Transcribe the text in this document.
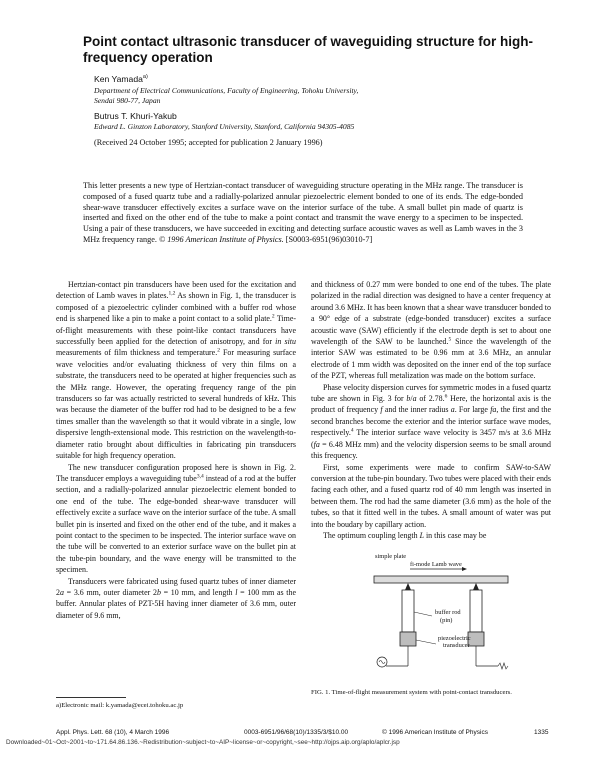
Point contact ultrasonic transducer of waveguiding structure for high-frequency operation
Ken Yamada$^{a)}$
Department of Electrical Communications, Faculty of Engineering, Tohoku University,
Sendai 980-77, Japan
Butrus T. Khuri-Yakub
Edward L. Ginzton Laboratory, Stanford University, Stanford, California 94305-4085
(Received 24 October 1995; accepted for publication 2 January 1996)
This letter presents a new type of Hertzian-contact transducer of waveguiding structure operating in the MHz range. The transducer is composed of a fused quartz tube and a radially-polarized annular piezoelectric element bonded to one of its ends. The edge-bonded shear-wave transducer effectively excites a surface wave on the interior surface of the tube. A small bullet pin made of quartz is inserted and fixed on the other end of the tube to make a point contact and transmit the wave energy to a specimen to be inspected. Using a pair of these transducers, we have succeeded in exciting and detecting surface acoustic waves as well as Lamb waves in the 3 MHz frequency range. © 1996 American Institute of Physics. [S0003-6951(96)03010-7]

Hertzian-contact pin transducers have been used for the excitation and detection of Lamb waves in plates.$^{1,2}$ As shown in Fig. 1, the transducer is composed of a piezoelectric cylinder combined with a buffer rod whose end is sharpened like a pin to make a point contact to a solid plate.$^2$ Time-of-flight measurements with these point-like contact transducers have successfully been applied for the detection of anisotropy, and for in situ measurements of film thickness and temperature.$^2$ For measuring surface wave velocities and/or evaluating thickness of very thin films on a substrate, the transducers need to be operated at higher frequencies such as the MHz range. However, the operating frequency range of the pin transducers so far was actually restricted to several hundreds of kHz. This was because the diameter of the buffer rod had to be designed to be a few times smaller than the wavelength so that it would vibrate in a single, low dispersive length-extensional mode. This restriction on the wavelength-to-diameter ratio brought about difficulties in fabricating pin transducers suitable for high frequency operation.

The new transducer configuration proposed here is shown in Fig. 2. The transducer employs a waveguiding tube$^{3,4}$ instead of a rod at the buffer section, and a radially-polarized annular piezoelectric element bonded to one end of the tube. The edge-bonded shear-wave transducer will effectively excite a surface wave on the interior surface of the tube. A small bullet pin is inserted and fixed on the other end of the tube, and it makes a point contact to the specimen to be inspected. The interior surface wave on the tube will be converted to an exterior surface wave on the bullet pin at the tube-pin boundary, and the wave energy will be transmitted to the specimen.

Transducers were fabricated using fused quartz tubes of inner diameter 2a = 3.6 mm, outer diameter 2b = 10 mm, and length l = 100 mm as the buffer. Annular plates of PZT-5H having inner diameter of 3.6 mm, outer diameter of 9.6 mm,

and thickness of 0.27 mm were bonded to one end of the tubes. The plate polarized in the radial direction was designed to have a center frequency at around 3.6 MHz. It has been known that a shear wave transducer bonded to a 90° edge of a substrate (edge-bonded transducer) excites a surface acoustic wave (SAW) efficiently if the electrode depth is set to about one wavelength of the SAW to be launched.$^5$ Since the wavelength of the interior SAW was estimated to be 0.96 mm at 3.6 MHz, an annular electrode of 1 mm width was deposited on the inner end of the top surface of the PZT, whereas full metalization was made on the bottom surface.

Phase velocity dispersion curves for symmetric modes in a fused quartz tube are shown in Fig. 3 for b/a of 2.78.$^6$ Here, the horizontal axis is the product of frequency f and the inner radius a. For large fa, the first and the second branches become the exterior and the interior surface wave modes, respectively.$^4$ The interior surface wave velocity is 3457 m/s at 3.6 MHz (fa = 6.48 MHz mm) and the velocity dispersion seems to be small around this frequency.

First, some experiments were made to confirm SAW-to-SAW conversion at the tube-pin boundary. Two tubes were placed with their ends facing each other, and a fused quartz rod of 40 mm length was inserted in between them. The rod had the same diameter (3.6 mm) as the hole of the tubes, so that it fitted well in the tubes. A small amount of water was put into the boudary by capillary action.

The optimum coupling length L in this case may be

simple plate
fi-mode Lamb wave
buffer rod
(pin)
piezoelectric
transducer
FIG. 1. Time-of-flight measurement system with point-contact transducers.
a)Electronic mail: k.yamada@ecei.tohoku.ac.jp
Appl. Phys. Lett. 68 (10), 4 March 1996	0003-6951/96/68(10)/1335/3/$10.00	© 1996 American Institute of Physics	1335
Downloaded~01~Oct~2001~to~171.64.86.136.~Redistribution~subject~to~AIP~license~or~copyright,~see~http://ojps.aip.org/aplo/aplcr.jsp
